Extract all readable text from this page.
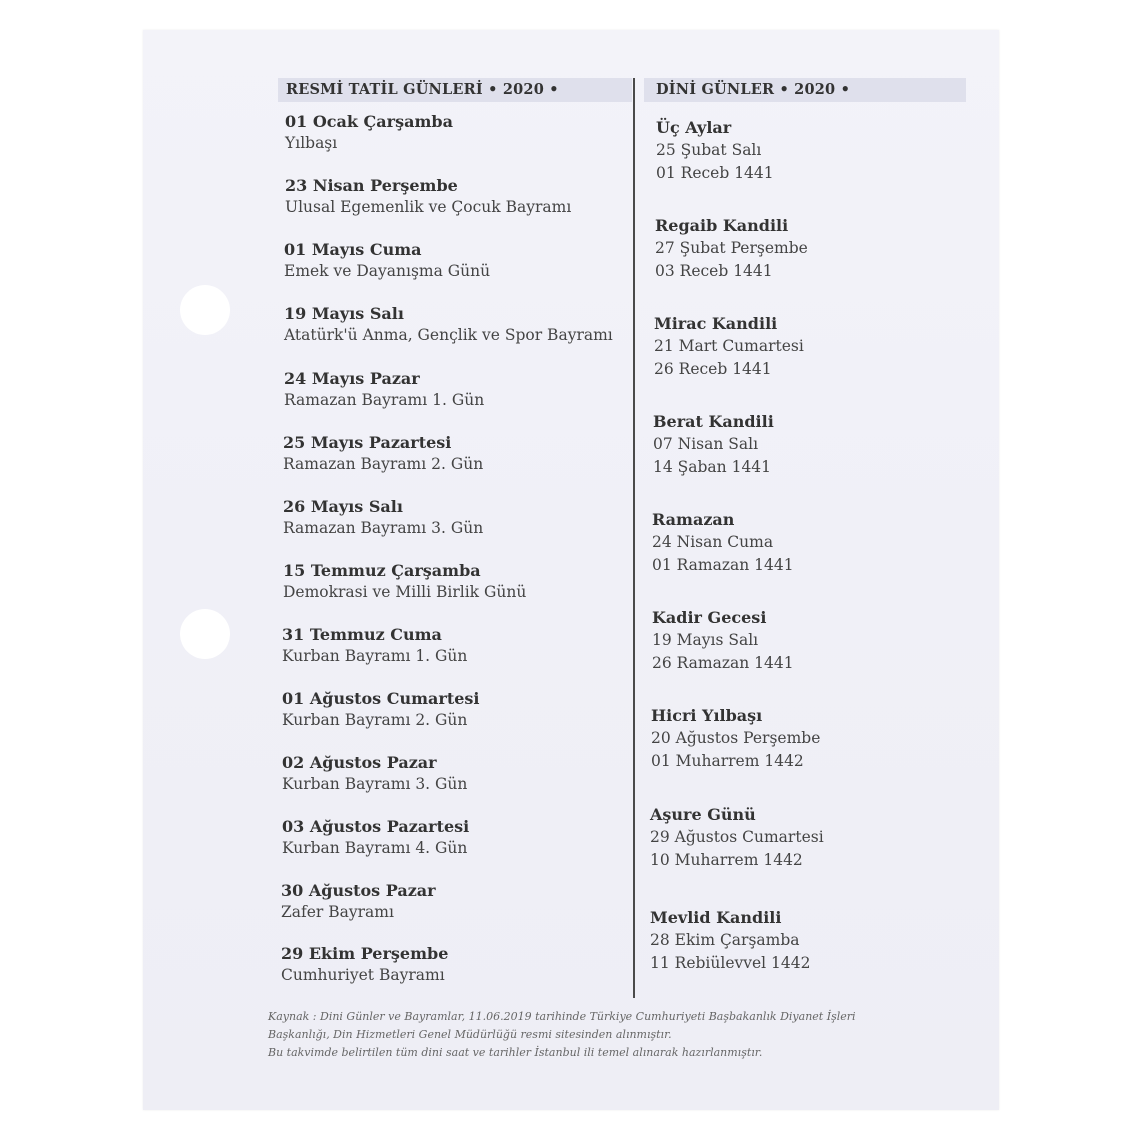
RESMİ TATİL GÜNLERİ • 2020 •	DİNİ GÜNLER • 2020 •
01 Ocak Çarşamba
Yılbaşı
23 Nisan Perşembe
Ulusal Egemenlik ve Çocuk Bayramı
01 Mayıs Cuma
Emek ve Dayanışma Günü
19 Mayıs Salı
Atatürk'ü Anma, Gençlik ve Spor Bayramı
24 Mayıs Pazar
Ramazan Bayramı 1. Gün
25 Mayıs Pazartesi
Ramazan Bayramı 2. Gün
26 Mayıs Salı
Ramazan Bayramı 3. Gün
15 Temmuz Çarşamba
Demokrasi ve Milli Birlik Günü
31 Temmuz Cuma
Kurban Bayramı 1. Gün
01 Ağustos Cumartesi
Kurban Bayramı 2. Gün
02 Ağustos Pazar
Kurban Bayramı 3. Gün
03 Ağustos Pazartesi
Kurban Bayramı 4. Gün
30 Ağustos Pazar
Zafer Bayramı
29 Ekim Perşembe
Cumhuriyet Bayramı
Üç Aylar
25 Şubat Salı
01 Receb 1441
Regaib Kandili
27 Şubat Perşembe
03 Receb 1441
Mirac Kandili
21 Mart Cumartesi
26 Receb 1441
Berat Kandili
07 Nisan Salı
14 Şaban 1441
Ramazan
24 Nisan Cuma
01 Ramazan 1441
Kadir Gecesi
19 Mayıs Salı
26 Ramazan 1441
Hicri Yılbaşı
20 Ağustos Perşembe
01 Muharrem 1442
Aşure Günü
29 Ağustos Cumartesi
10 Muharrem 1442
Mevlid Kandili
28 Ekim Çarşamba
11 Rebiülevvel 1442
Kaynak : Dini Günler ve Bayramlar, 11.06.2019 tarihinde Türkiye Cumhuriyeti Başbakanlık Diyanet İşleri
Başkanlığı, Din Hizmetleri Genel Müdürlüğü resmi sitesinden alınmıştır.
Bu takvimde belirtilen tüm dini saat ve tarihler İstanbul ili temel alınarak hazırlanmıştır.
